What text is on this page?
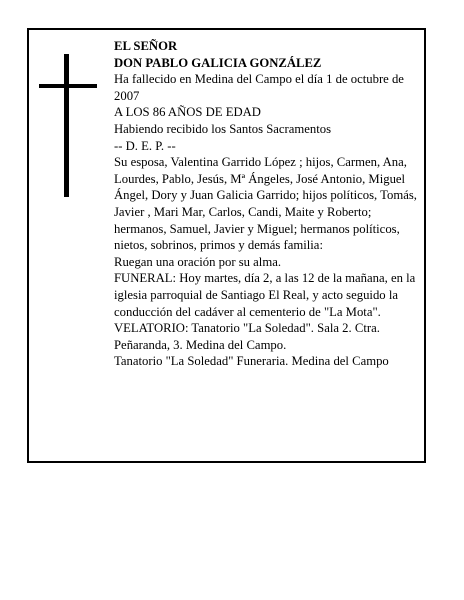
EL SEÑOR

DON PABLO GALICIA GONZÁLEZ

Ha fallecido en Medina del Campo el día 1 de octubre de 2007

A LOS 86 AÑOS DE EDAD

Habiendo recibido los Santos Sacramentos

-- D. E. P. --

Su esposa, Valentina Garrido López ; hijos, Carmen, Ana, Lourdes, Pablo, Jesús, Mª Ángeles, José Antonio, Miguel Ángel, Dory y Juan Galicia Garrido; hijos políticos, Tomás, Javier , Mari Mar, Carlos, Candi, Maite y Roberto; hermanos, Samuel, Javier y Miguel; hermanos políticos, nietos, sobrinos, primos y demás familia:

Ruegan una oración por su alma.

FUNERAL: Hoy martes, día 2, a las 12 de la mañana, en la iglesia parroquial de Santiago El Real, y acto seguido la conducción del cadáver al cementerio de "La Mota".

VELATORIO: Tanatorio "La Soledad". Sala 2. Ctra. Peñaranda, 3. Medina del Campo.

Tanatorio "La Soledad" Funeraria. Medina del Campo
